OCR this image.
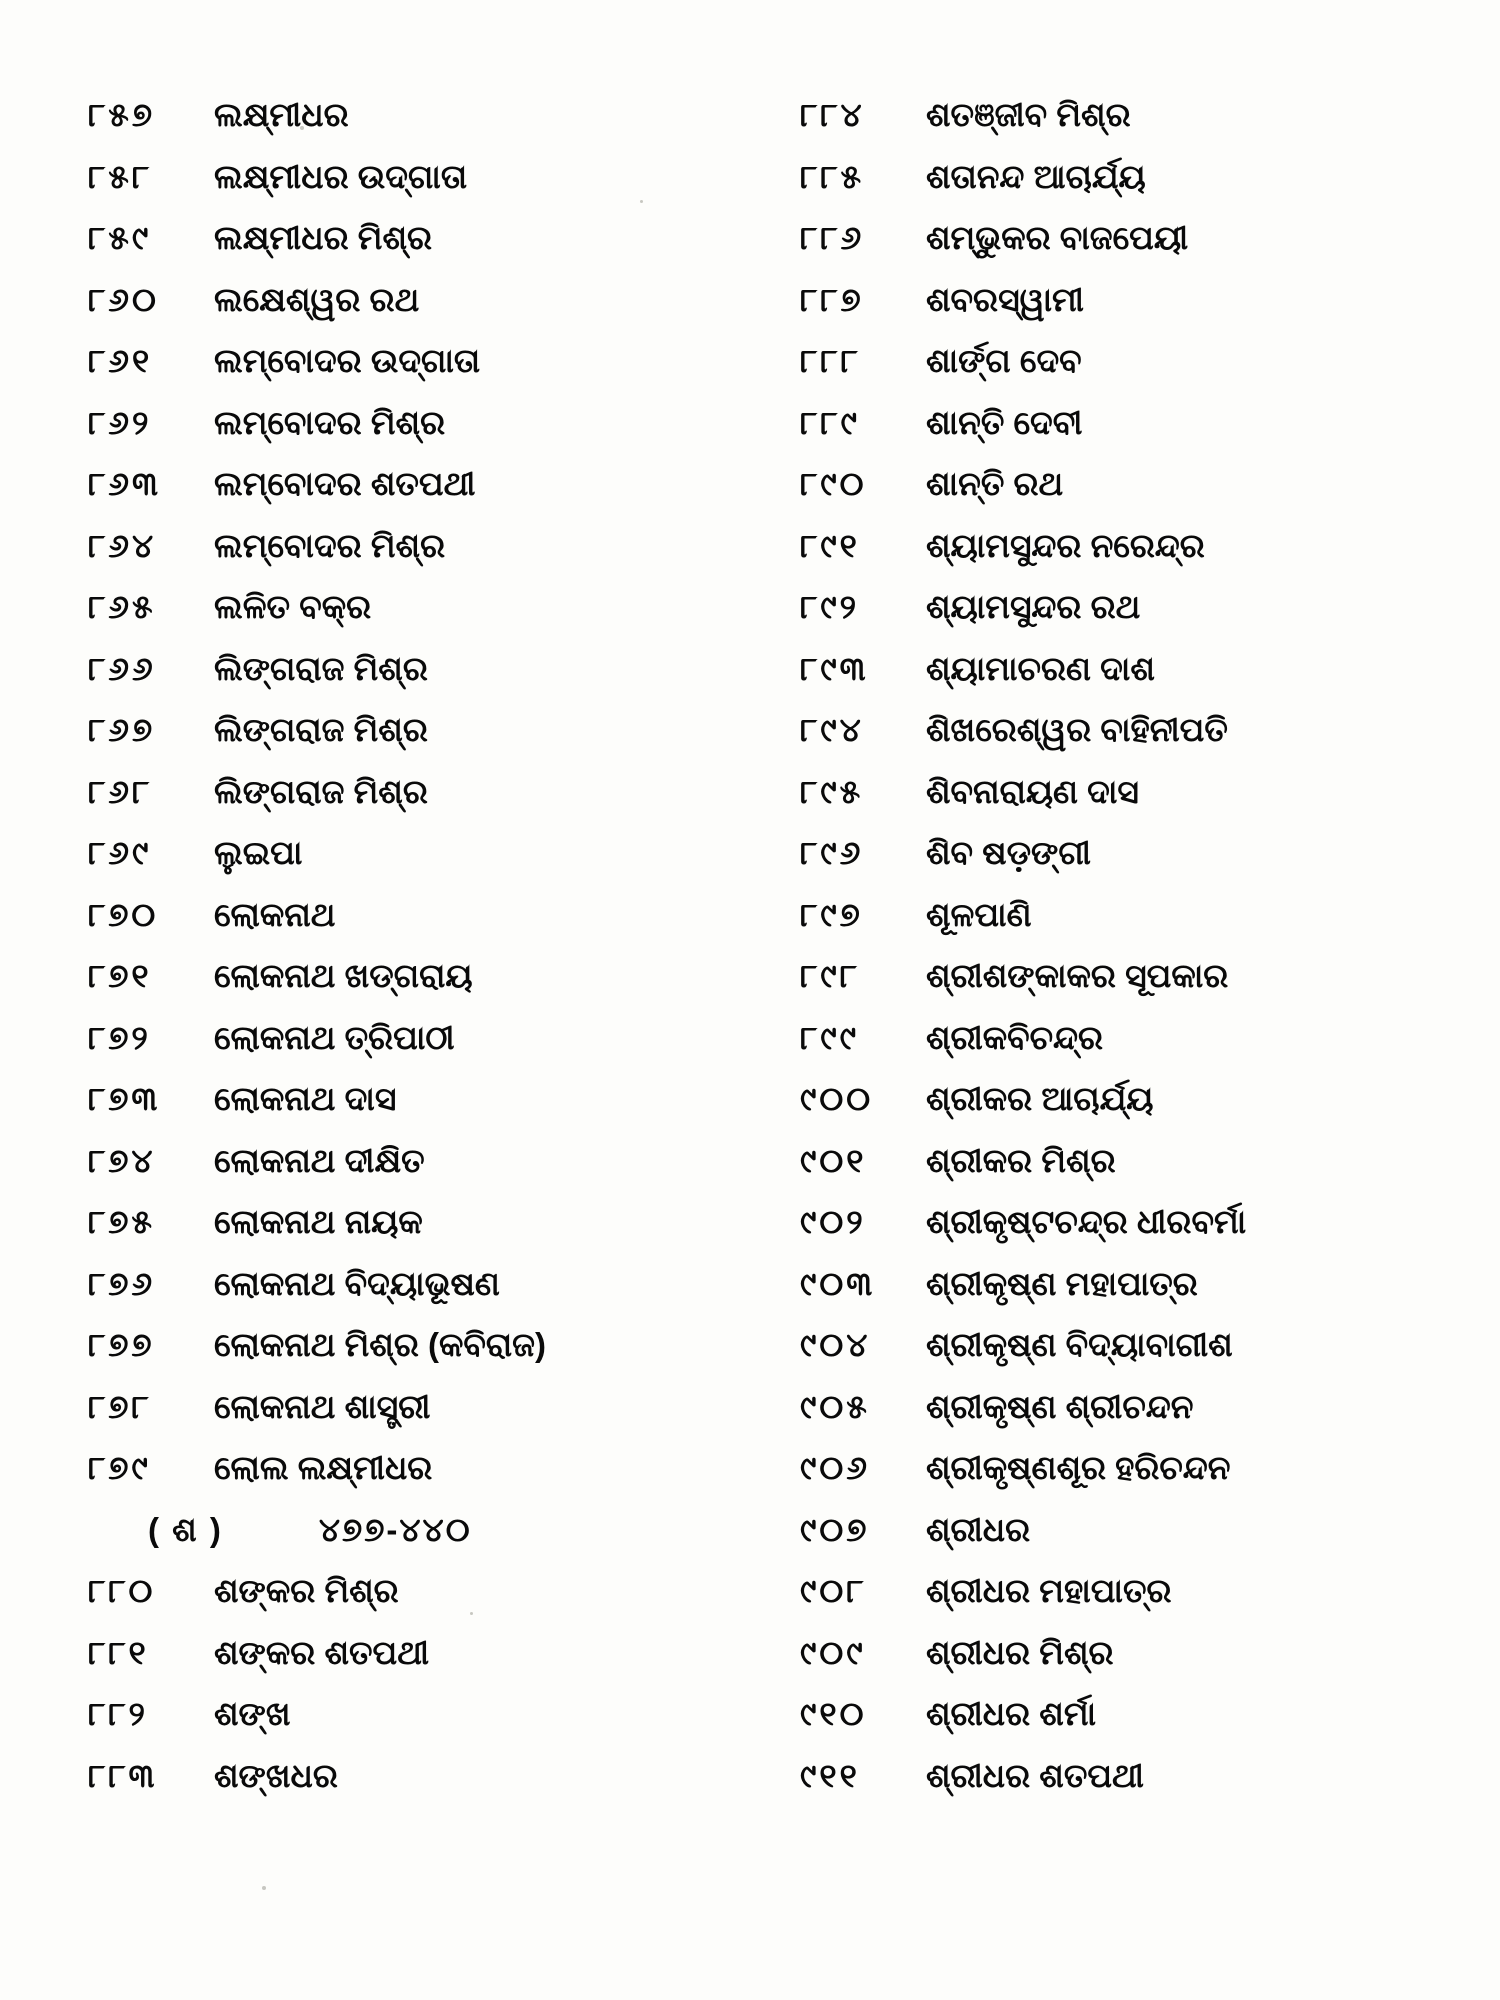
୮୫୭	ଲକ୍ଷ୍ମୀଧର
୮୫୮	ଲକ୍ଷ୍ମୀଧର ଉଦ୍ଗାତା
୮୫୯	ଲକ୍ଷ୍ମୀଧର ମିଶ୍ର
୮୬୦	ଲକ୍ଷେଶ୍ୱର ରଥ
୮୬୧	ଲମ୍ବୋଦର ଉଦ୍ଗାତା
୮୬୨	ଲମ୍ବୋଦର ମିଶ୍ର
୮୬୩	ଲମ୍ବୋଦର ଶତପଥୀ
୮୬୪	ଲମ୍ବୋଦର ମିଶ୍ର
୮୬୫	ଲଳିତ ବକ୍ର
୮୬୬	ଲିଙ୍ଗରାଜ ମିଶ୍ର
୮୬୭	ଲିଙ୍ଗରାଜ ମିଶ୍ର
୮୬୮	ଲିଙ୍ଗରାଜ ମିଶ୍ର
୮୬୯	ଲୁଇପା
୮୭୦	ଲୋକନାଥ
୮୭୧	ଲୋକନାଥ ଖଡ୍ଗରାୟ
୮୭୨	ଲୋକନାଥ ତ୍ରିପାଠୀ
୮୭୩	ଲୋକନାଥ ଦାସ
୮୭୪	ଲୋକନାଥ ଦୀକ୍ଷିତ
୮୭୫	ଲୋକନାଥ ନାୟକ
୮୭୬	ଲୋକନାଥ ବିଦ୍ୟାଭୂଷଣ
୮୭୭	ଲୋକନାଥ ମିଶ୍ର (କବିରାଜ)
୮୭୮	ଲୋକନାଥ ଶାସ୍ତ୍ରୀ
୮୭୯	ଲୋଲ ଲକ୍ଷ୍ମୀଧର
( ଶ )	୪୭୭-୪୪୦
୮୮୦	ଶଙ୍କର ମିଶ୍ର
୮୮୧	ଶଙ୍କର ଶତପଥୀ
୮୮୨	ଶଙ୍ଖ
୮୮୩	ଶଙ୍ଖଧର
୮୮୪	ଶତଞ୍ଜୀବ ମିଶ୍ର
୮୮୫	ଶତାନନ୍ଦ ଆଚାର୍ଯ୍ୟ
୮୮୬	ଶମ୍ଭୁକର ବାଜପେୟୀ
୮୮୭	ଶବରସ୍ୱାମୀ
୮୮୮	ଶାର୍ଙ୍ଗ ଦେବ
୮୮୯	ଶାନ୍ତି ଦେବୀ
୮୯୦	ଶାନ୍ତି ରଥ
୮୯୧	ଶ୍ୟାମସୁନ୍ଦର ନରେନ୍ଦ୍ର
୮୯୨	ଶ୍ୟାମସୁନ୍ଦର ରଥ
୮୯୩	ଶ୍ୟାମାଚରଣ ଦାଶ
୮୯୪	ଶିଖରେଶ୍ୱର ବାହିନୀପତି
୮୯୫	ଶିବନାରାୟଣ ଦାସ
୮୯୬	ଶିବ ଷଡ଼ଙ୍ଗୀ
୮୯୭	ଶୂଳପାଣି
୮୯୮	ଶ୍ରୀଶଙ୍କାକର ସୂପକାର
୮୯୯	ଶ୍ରୀକବିଚନ୍ଦ୍ର
୯୦୦	ଶ୍ରୀକର ଆଚାର୍ଯ୍ୟ
୯୦୧	ଶ୍ରୀକର ମିଶ୍ର
୯୦୨	ଶ୍ରୀକୃଷ୍ଟଚନ୍ଦ୍ର ଧୀରବର୍ମା
୯୦୩	ଶ୍ରୀକୃଷ୍ଣ ମହାପାତ୍ର
୯୦୪	ଶ୍ରୀକୃଷ୍ଣ ବିଦ୍ୟାବାଗୀଶ
୯୦୫	ଶ୍ରୀକୃଷ୍ଣ ଶ୍ରୀଚନ୍ଦନ
୯୦୬	ଶ୍ରୀକୃଷ୍ଣଶୂର ହରିଚନ୍ଦନ
୯୦୭	ଶ୍ରୀଧର
୯୦୮	ଶ୍ରୀଧର ମହାପାତ୍ର
୯୦୯	ଶ୍ରୀଧର ମିଶ୍ର
୯୧୦	ଶ୍ରୀଧର ଶର୍ମା
୯୧୧	ଶ୍ରୀଧର ଶତପଥୀ
